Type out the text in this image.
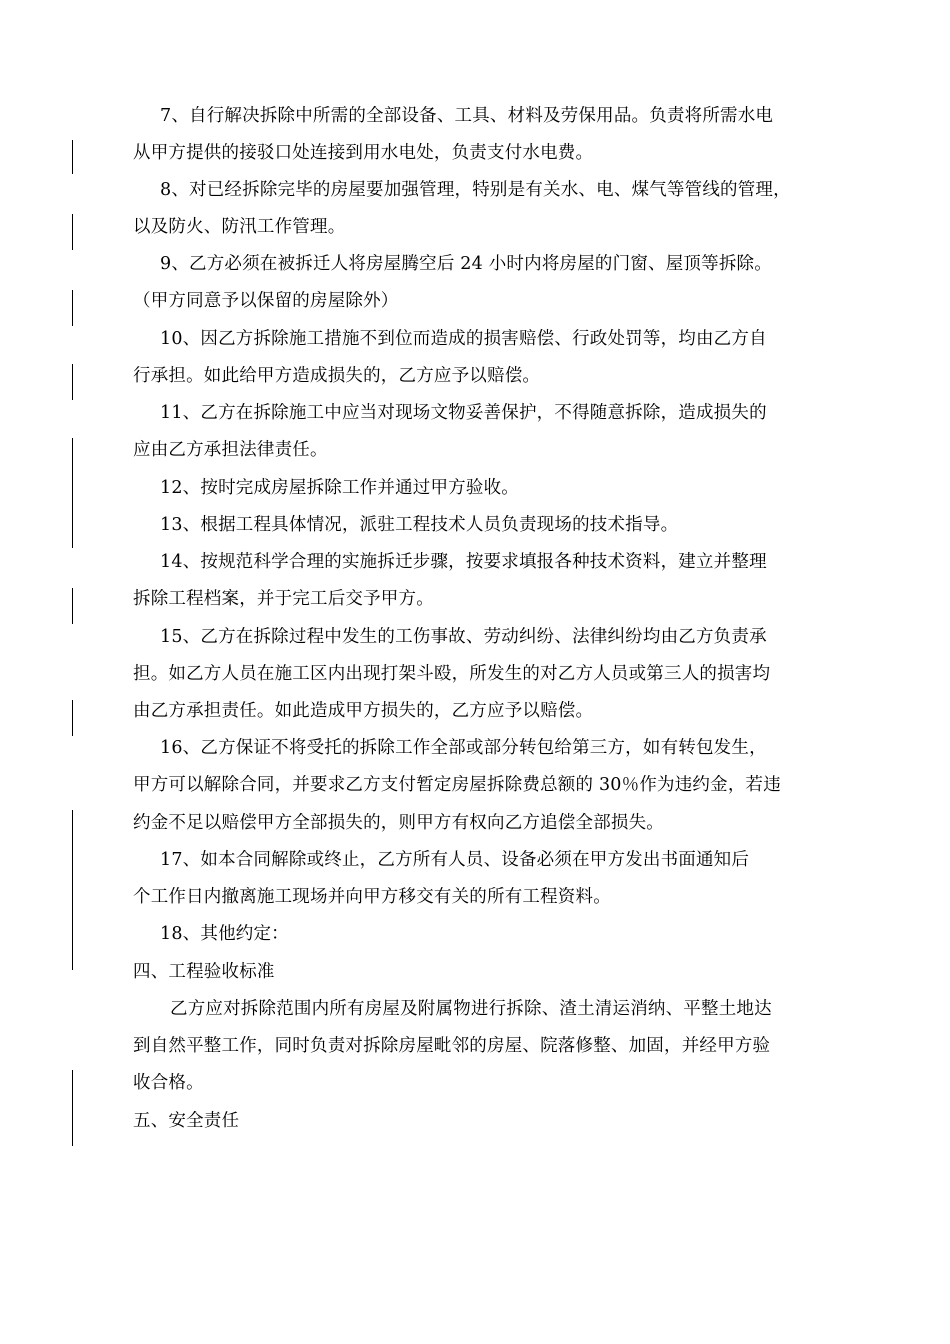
7、自行解决拆除中所需的全部设备、工具、材料及劳保用品。负责将所需水电
从甲方提供的接驳口处连接到用水电处，负责支付水电费。
8、对已经拆除完毕的房屋要加强管理，特别是有关水、电、煤气等管线的管理，
以及防火、防汛工作管理。
9、乙方必须在被拆迁人将房屋腾空后 24 小时内将房屋的门窗、屋顶等拆除。
（甲方同意予以保留的房屋除外）
10、因乙方拆除施工措施不到位而造成的损害赔偿、行政处罚等，均由乙方自
行承担。如此给甲方造成损失的，乙方应予以赔偿。
11、乙方在拆除施工中应当对现场文物妥善保护，不得随意拆除，造成损失的
应由乙方承担法律责任。
12、按时完成房屋拆除工作并通过甲方验收。
13、根据工程具体情况，派驻工程技术人员负责现场的技术指导。
14、按规范科学合理的实施拆迁步骤，按要求填报各种技术资料，建立并整理
拆除工程档案，并于完工后交予甲方。
15、乙方在拆除过程中发生的工伤事故、劳动纠纷、法律纠纷均由乙方负责承
担。如乙方人员在施工区内出现打架斗殴，所发生的对乙方人员或第三人的损害均
由乙方承担责任。如此造成甲方损失的，乙方应予以赔偿。
16、乙方保证不将受托的拆除工作全部或部分转包给第三方，如有转包发生，
甲方可以解除合同，并要求乙方支付暂定房屋拆除费总额的 30％作为违约金，若违
约金不足以赔偿甲方全部损失的，则甲方有权向乙方追偿全部损失。
17、如本合同解除或终止，乙方所有人员、设备必须在甲方发出书面通知后
个工作日内撤离施工现场并向甲方移交有关的所有工程资料。
18、其他约定：
四、工程验收标准
乙方应对拆除范围内所有房屋及附属物进行拆除、渣土清运消纳、平整土地达
到自然平整工作，同时负责对拆除房屋毗邻的房屋、院落修整、加固，并经甲方验
收合格。
五、安全责任
